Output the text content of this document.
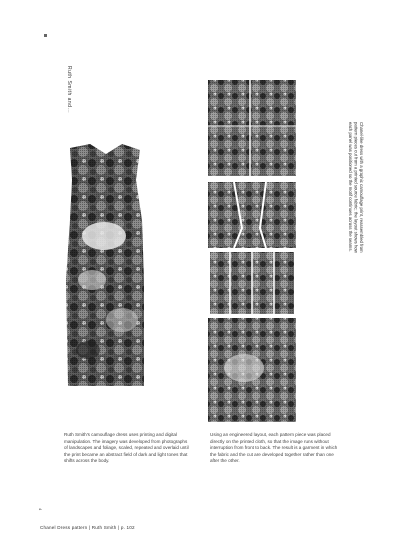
Ruth Smith and...
Chanel-like dress with a graphic camouflage print, reassembled from pattern pieces cut from a printed source fabric; the layout shows how each panel was positioned so the motif continues across the seams.
Ruth Smith's camouflage dress uses printing and digital manipulation. The imagery was developed from photographs of landscapes and foliage, scaled, repeated and overlaid until the print became an abstract field of dark and light tones that shifts across the body.
Using an engineered layout, each pattern piece was placed directly on the printed cloth, so that the image runs without interruption from front to back. The result is a garment in which the fabric and the cut are developed together rather than one after the other.
4
Chanel Dress pattern | Ruth Smith | p. 102
